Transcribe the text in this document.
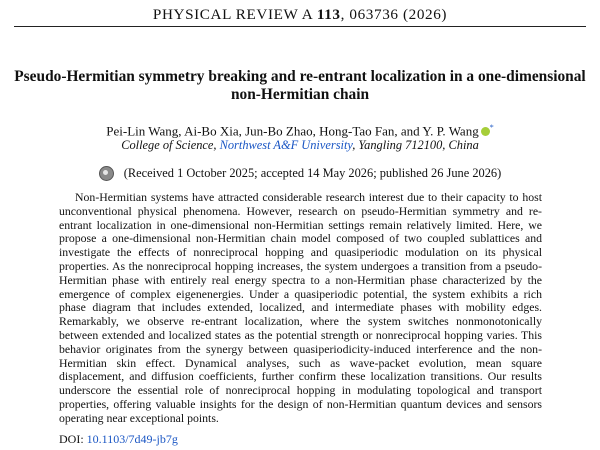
PHYSICAL REVIEW A 113, 063736 (2026)
Pseudo-Hermitian symmetry breaking and re-entrant localization in a one-dimensional
non-Hermitian chain
Pei-Lin Wang, Ai-Bo Xia, Jun-Bo Zhao, Hong-Tao Fan, and Y. P. Wang *
College of Science, Northwest A&F University, Yangling 712100, China
(Received 1 October 2025; accepted 14 May 2026; published 26 June 2026)
Non-Hermitian systems have attracted considerable research interest due to their capacity to host unconventional physical phenomena. However, research on pseudo-Hermitian symmetry and re-entrant localization in one-dimensional non-Hermitian settings remain relatively limited. Here, we propose a one-dimensional non-Hermitian chain model composed of two coupled sublattices and investigate the effects of nonreciprocal hopping and quasiperiodic modulation on its physical properties. As the nonreciprocal hopping increases, the system undergoes a transition from a pseudo-Hermitian phase with entirely real energy spectra to a non-Hermitian phase characterized by the emergence of complex eigenenergies. Under a quasiperiodic potential, the system exhibits a rich phase diagram that includes extended, localized, and intermediate phases with mobility edges. Remarkably, we observe re-entrant localization, where the system switches nonmonotonically between extended and localized states as the potential strength or nonreciprocal hopping varies. This behavior originates from the synergy between quasiperiodicity-induced interference and the non-Hermitian skin effect. Dynamical analyses, such as wave-packet evolution, mean square displacement, and diffusion coefficients, further confirm these localization transitions. Our results underscore the essential role of nonreciprocal hopping in modulating topological and transport properties, offering valuable insights for the design of non-Hermitian quantum devices and sensors operating near exceptional points.
DOI: 10.1103/7d49-jb7g
